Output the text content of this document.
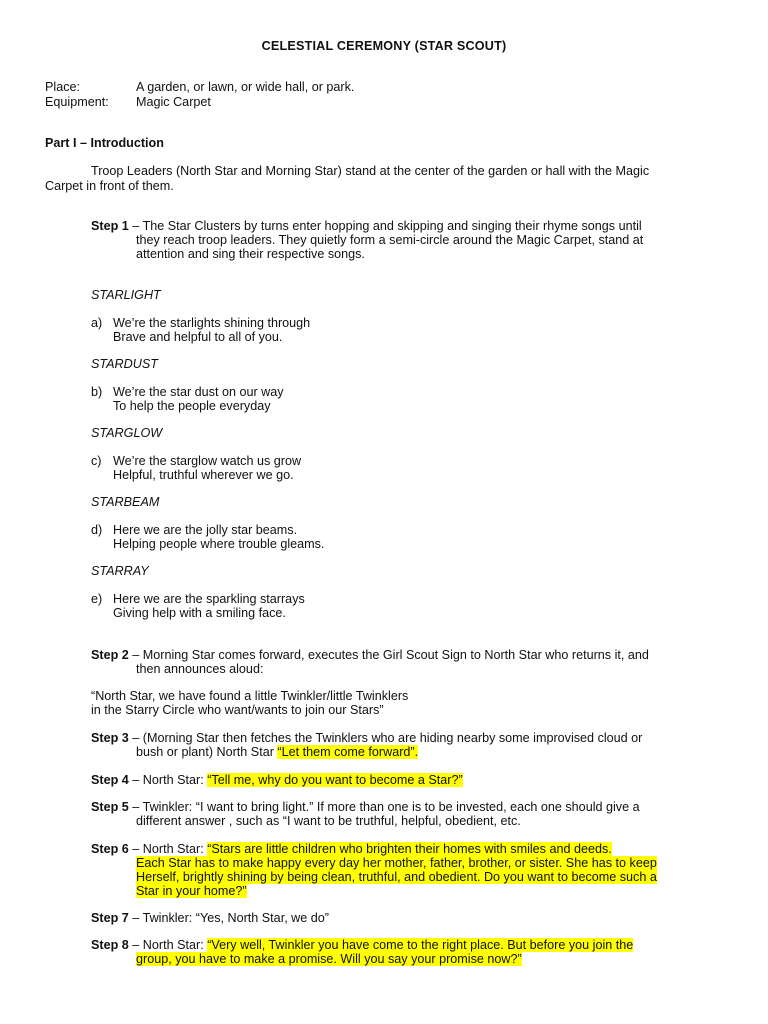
CELESTIAL CEREMONY (STAR SCOUT)
Place:	A garden, or lawn, or wide hall, or park.
Equipment: Magic Carpet
Part I – Introduction
Troop Leaders (North Star and Morning Star) stand at the center of the garden or hall with the Magic
Carpet in front of them.
Step 1 – The Star Clusters by turns enter hopping and skipping and singing their rhyme songs until
they reach troop leaders. They quietly form a semi-circle around the Magic Carpet, stand at
attention and sing their respective songs.
STARLIGHT
a) We’re the starlights shining through
Brave and helpful to all of you.
STARDUST
b) We’re the star dust on our way
To help the people everyday
STARGLOW
c) We’re the starglow watch us grow
Helpful, truthful wherever we go.
STARBEAM
d) Here we are the jolly star beams.
Helping people where trouble gleams.
STARRAY
e) Here we are the sparkling starrays
Giving help with a smiling face.
Step 2 – Morning Star comes forward, executes the Girl Scout Sign to North Star who returns it, and
then announces aloud:
“North Star, we have found a little Twinkler/little Twinklers
in the Starry Circle who want/wants to join our Stars”
Step 3 – (Morning Star then fetches the Twinklers who are hiding nearby some improvised cloud or
bush or plant) North Star “Let them come forward”.
Step 4 – North Star: “Tell me, why do you want to become a Star?”
Step 5 – Twinkler: “I want to bring light.” If more than one is to be invested, each one should give a
different answer , such as “I want to be truthful, helpful, obedient, etc.
Step 6 – North Star: “Stars are little children who brighten their homes with smiles and deeds.
Each Star has to make happy every day her mother, father, brother, or sister. She has to keep
Herself, brightly shining by being clean, truthful, and obedient. Do you want to become such a
Star in your home?”
Step 7 – Twinkler: “Yes, North Star, we do”
Step 8 – North Star: “Very well, Twinkler you have come to the right place. But before you join the
group, you have to make a promise. Will you say your promise now?”
